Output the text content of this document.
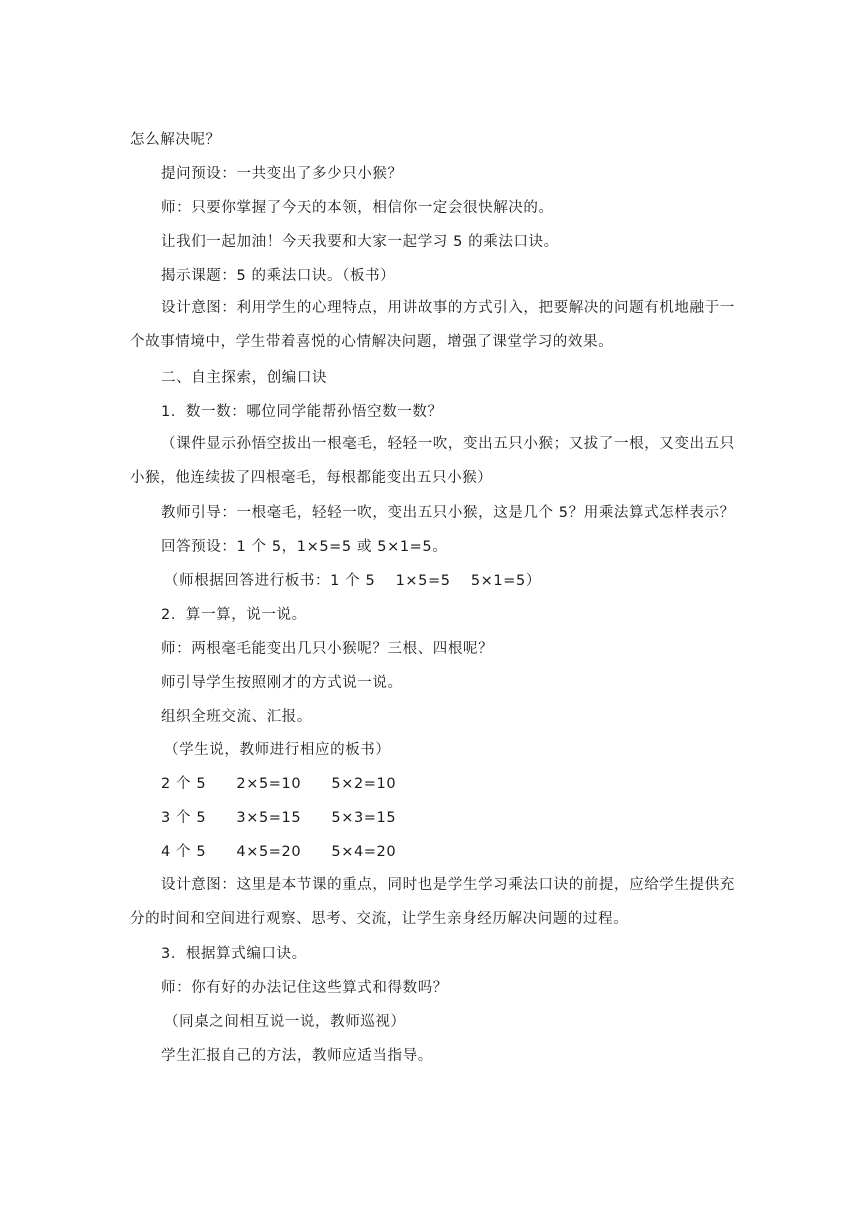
怎么解决呢？
提问预设：一共变出了多少只小猴？
师：只要你掌握了今天的本领，相信你一定会很快解决的。
让我们一起加油！今天我要和大家一起学习 5 的乘法口诀。
揭示课题：5 的乘法口诀。（板书）
设计意图：利用学生的心理特点，用讲故事的方式引入，把要解决的问题有机地融于一个故事情境中，学生带着喜悦的心情解决问题，增强了课堂学习的效果。
二、自主探索，创编口诀
1．数一数：哪位同学能帮孙悟空数一数？
（课件显示孙悟空拔出一根毫毛，轻轻一吹，变出五只小猴；又拔了一根，又变出五只小猴，他连续拔了四根毫毛，每根都能变出五只小猴）
教师引导：一根毫毛，轻轻一吹，变出五只小猴，这是几个 5？用乘法算式怎样表示？
回答预设：1 个 5，1×5=5 或 5×1=5。
（师根据回答进行板书：1 个 5　 1×5=5　 5×1=5）
2．算一算，说一说。
师：两根毫毛能变出几只小猴呢？三根、四根呢？
师引导学生按照刚才的方式说一说。
组织全班交流、汇报。
（学生说，教师进行相应的板书）
2 个 5　　2×5=10　　5×2=10
3 个 5　　3×5=15　　5×3=15
4 个 5　　4×5=20　　5×4=20
设计意图：这里是本节课的重点，同时也是学生学习乘法口诀的前提，应给学生提供充分的时间和空间进行观察、思考、交流，让学生亲身经历解决问题的过程。
3．根据算式编口诀。
师：你有好的办法记住这些算式和得数吗？
（同桌之间相互说一说，教师巡视）
学生汇报自己的方法，教师应适当指导。
